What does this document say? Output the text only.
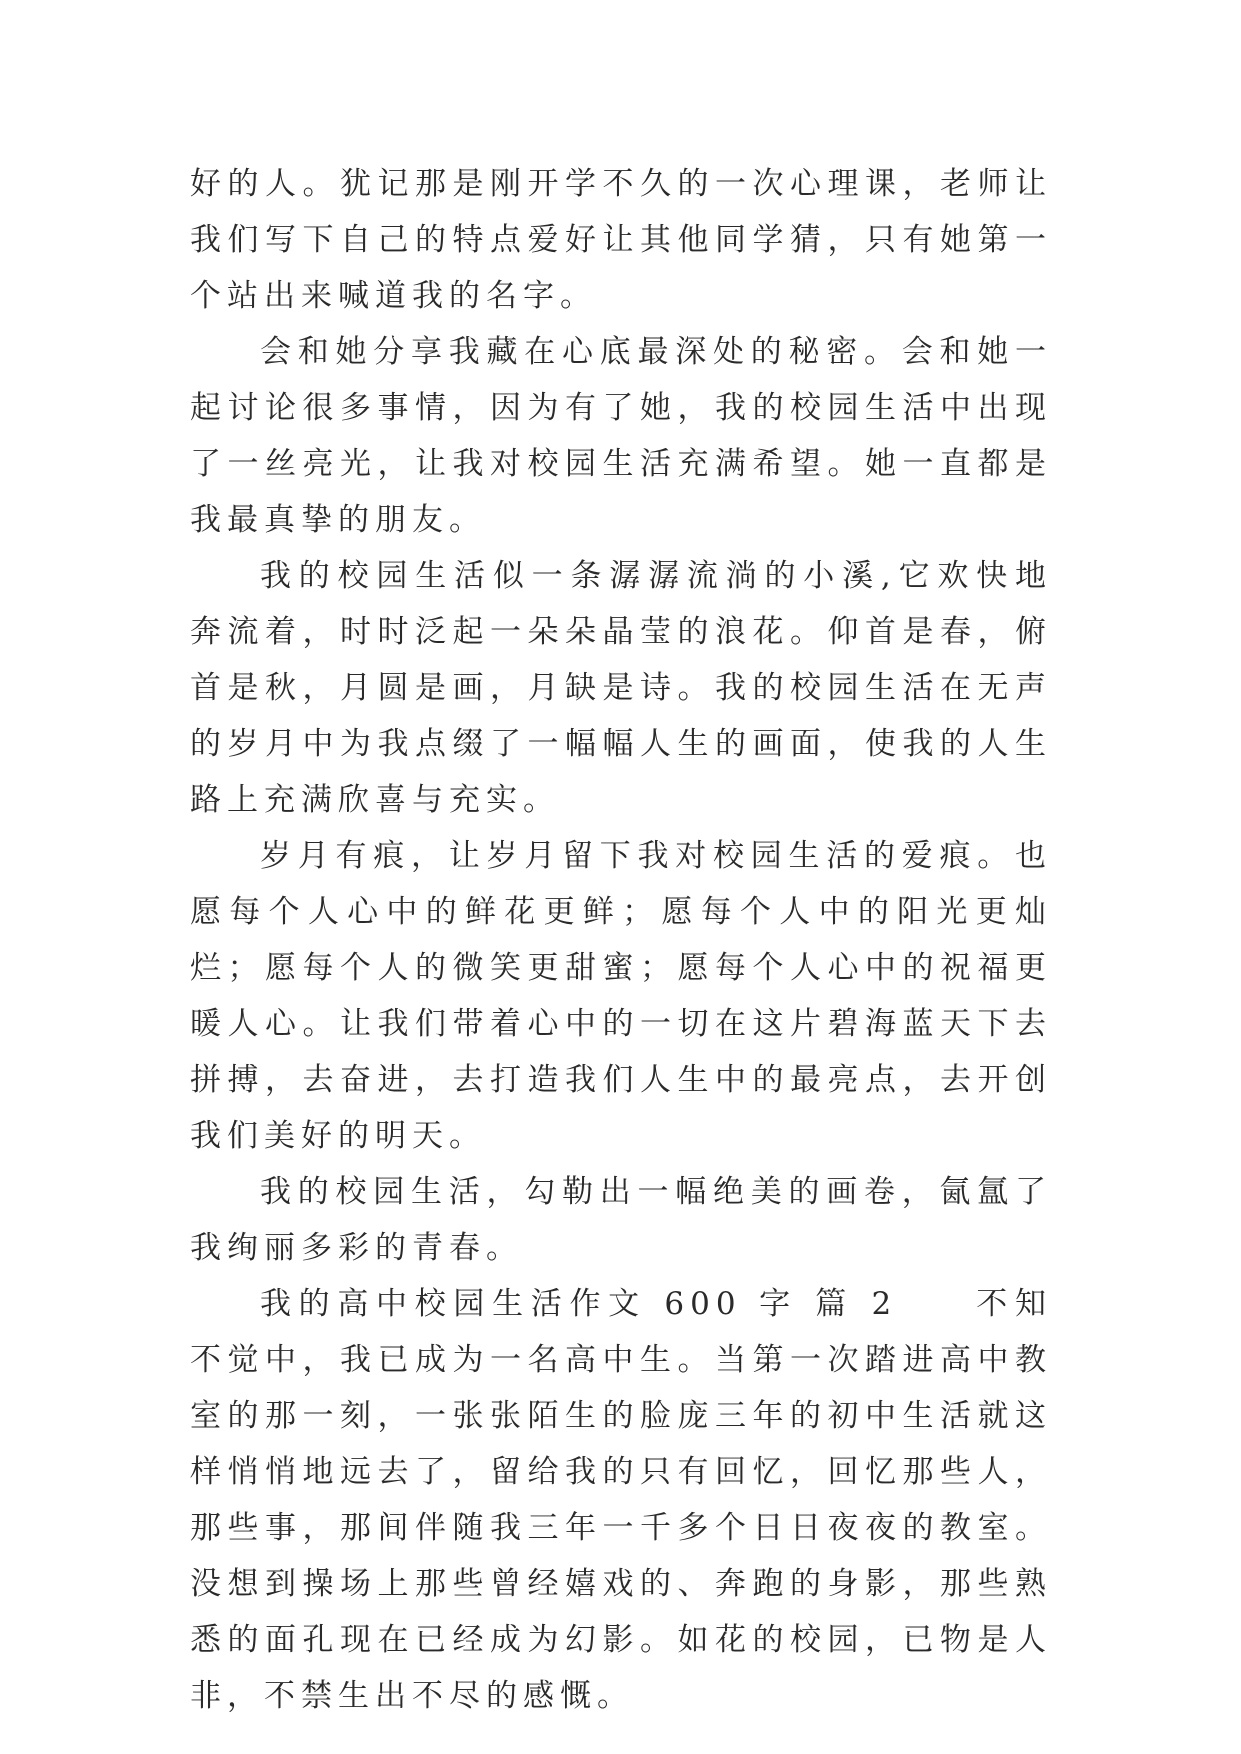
好的人。犹记那是刚开学不久的一次心理课，老师让我们写下自己的特点爱好让其他同学猜，只有她第一个站出来喊道我的名字。

会和她分享我藏在心底最深处的秘密。会和她一起讨论很多事情，因为有了她，我的校园生活中出现了一丝亮光，让我对校园生活充满希望。她一直都是我最真挚的朋友。

我的校园生活似一条潺潺流淌的小溪,它欢快地奔流着，时时泛起一朵朵晶莹的浪花。仰首是春，俯首是秋，月圆是画，月缺是诗。我的校园生活在无声的岁月中为我点缀了一幅幅人生的画面，使我的人生路上充满欣喜与充实。

岁月有痕，让岁月留下我对校园生活的爱痕。也愿每个人心中的鲜花更鲜；愿每个人中的阳光更灿烂；愿每个人的微笑更甜蜜；愿每个人心中的祝福更暖人心。让我们带着心中的一切在这片碧海蓝天下去拼搏，去奋进，去打造我们人生中的最亮点，去开创我们美好的明天。

我的校园生活，勾勒出一幅绝美的画卷，氤氲了我绚丽多彩的青春。

我的高中校园生活作文 600 字 篇 2　　不知不觉中，我已成为一名高中生。当第一次踏进高中教室的那一刻，一张张陌生的脸庞三年的初中生活就这样悄悄地远去了，留给我的只有回忆，回忆那些人，那些事，那间伴随我三年一千多个日日夜夜的教室。没想到操场上那些曾经嬉戏的、奔跑的身影，那些熟悉的面孔现在已经成为幻影。如花的校园，已物是人非，不禁生出不尽的感慨。
